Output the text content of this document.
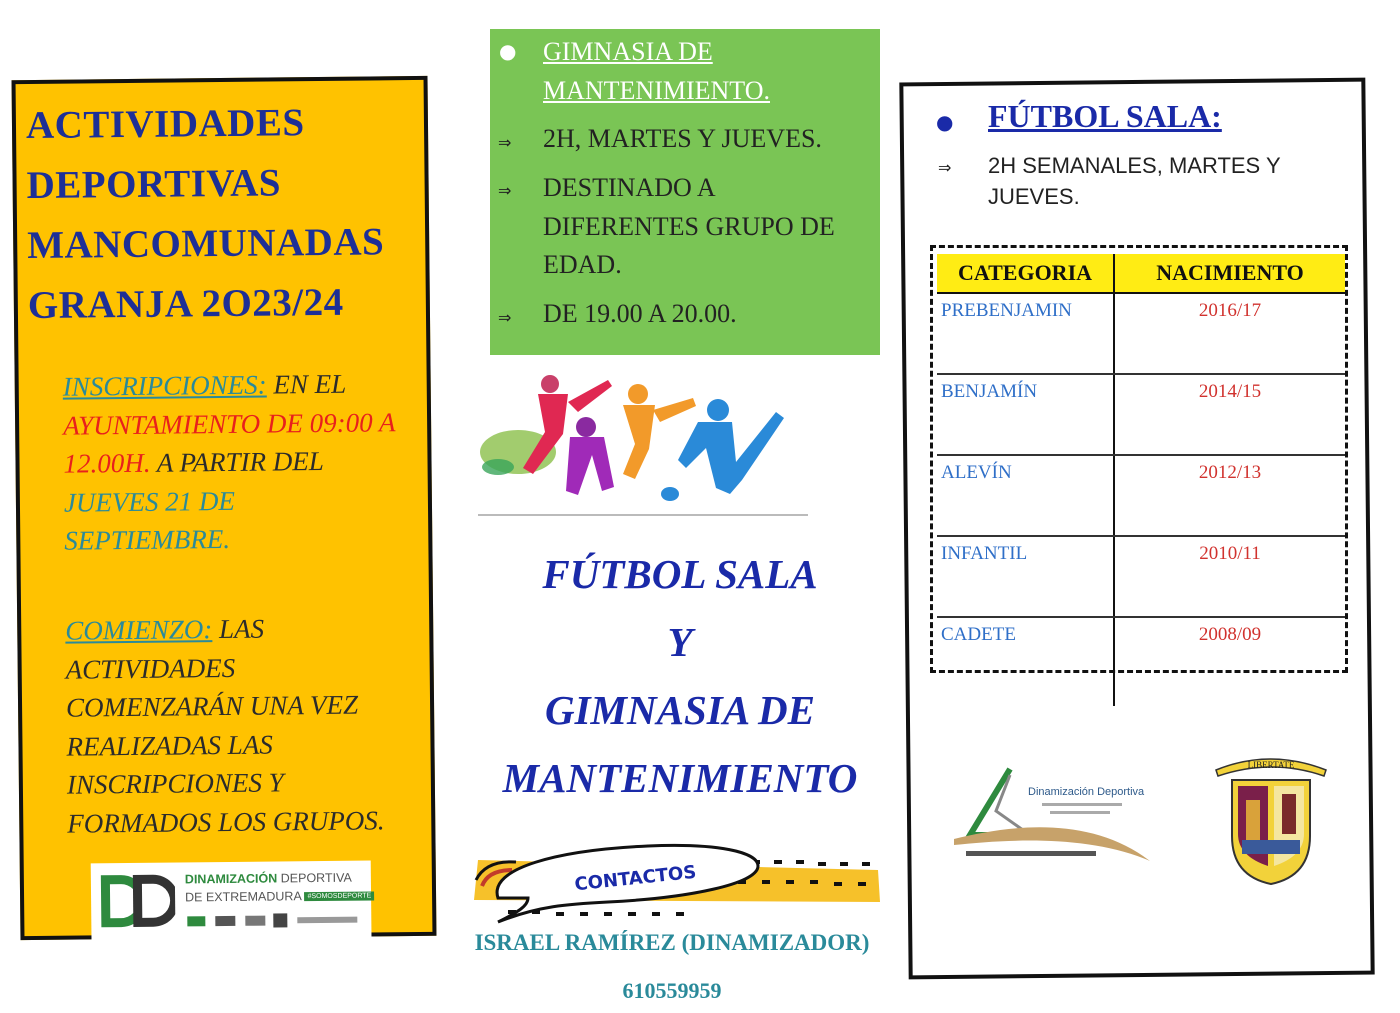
ACTIVIDADES
DEPORTIVAS
MANCOMUNADAS
GRANJA 2O23/24
INSCRIPCIONES: EN EL AYUNTAMIENTO DE 09:00 A 12.00H. A PARTIR DEL JUEVES 21 DE SEPTIEMBRE.
COMIENZO: LAS ACTIVIDADES COMENZARÁN UNA VEZ REALIZADAS LAS INSCRIPCIONES Y FORMADOS LOS GRUPOS.
DINAMIZACIÓN DEPORTIVA
DE EXTREMADURA #SOMOSDEPORTE
● GIMNASIA DE MANTENIMIENTO.
⇒ 2H, MARTES Y JUEVES.
⇒ DESTINADO A DIFERENTES GRUPO DE EDAD.
⇒ DE 19.00 A 20.00.
FÚTBOL SALA
Y
GIMNASIA DE
MANTENIMIENTO
CONTACTOS
ISRAEL RAMÍREZ (DINAMIZADOR)
610559959
● FÚTBOL SALA:
⇒ 2H SEMANALES, MARTES Y JUEVES.
CATEGORIA	NACIMIENTO
PREBENJAMIN	2016/17
BENJAMÍN	2014/15
ALEVÍN	2012/13
INFANTIL	2010/11
CADETE	2008/09
Dinamización Deportiva
LIBERTATE
